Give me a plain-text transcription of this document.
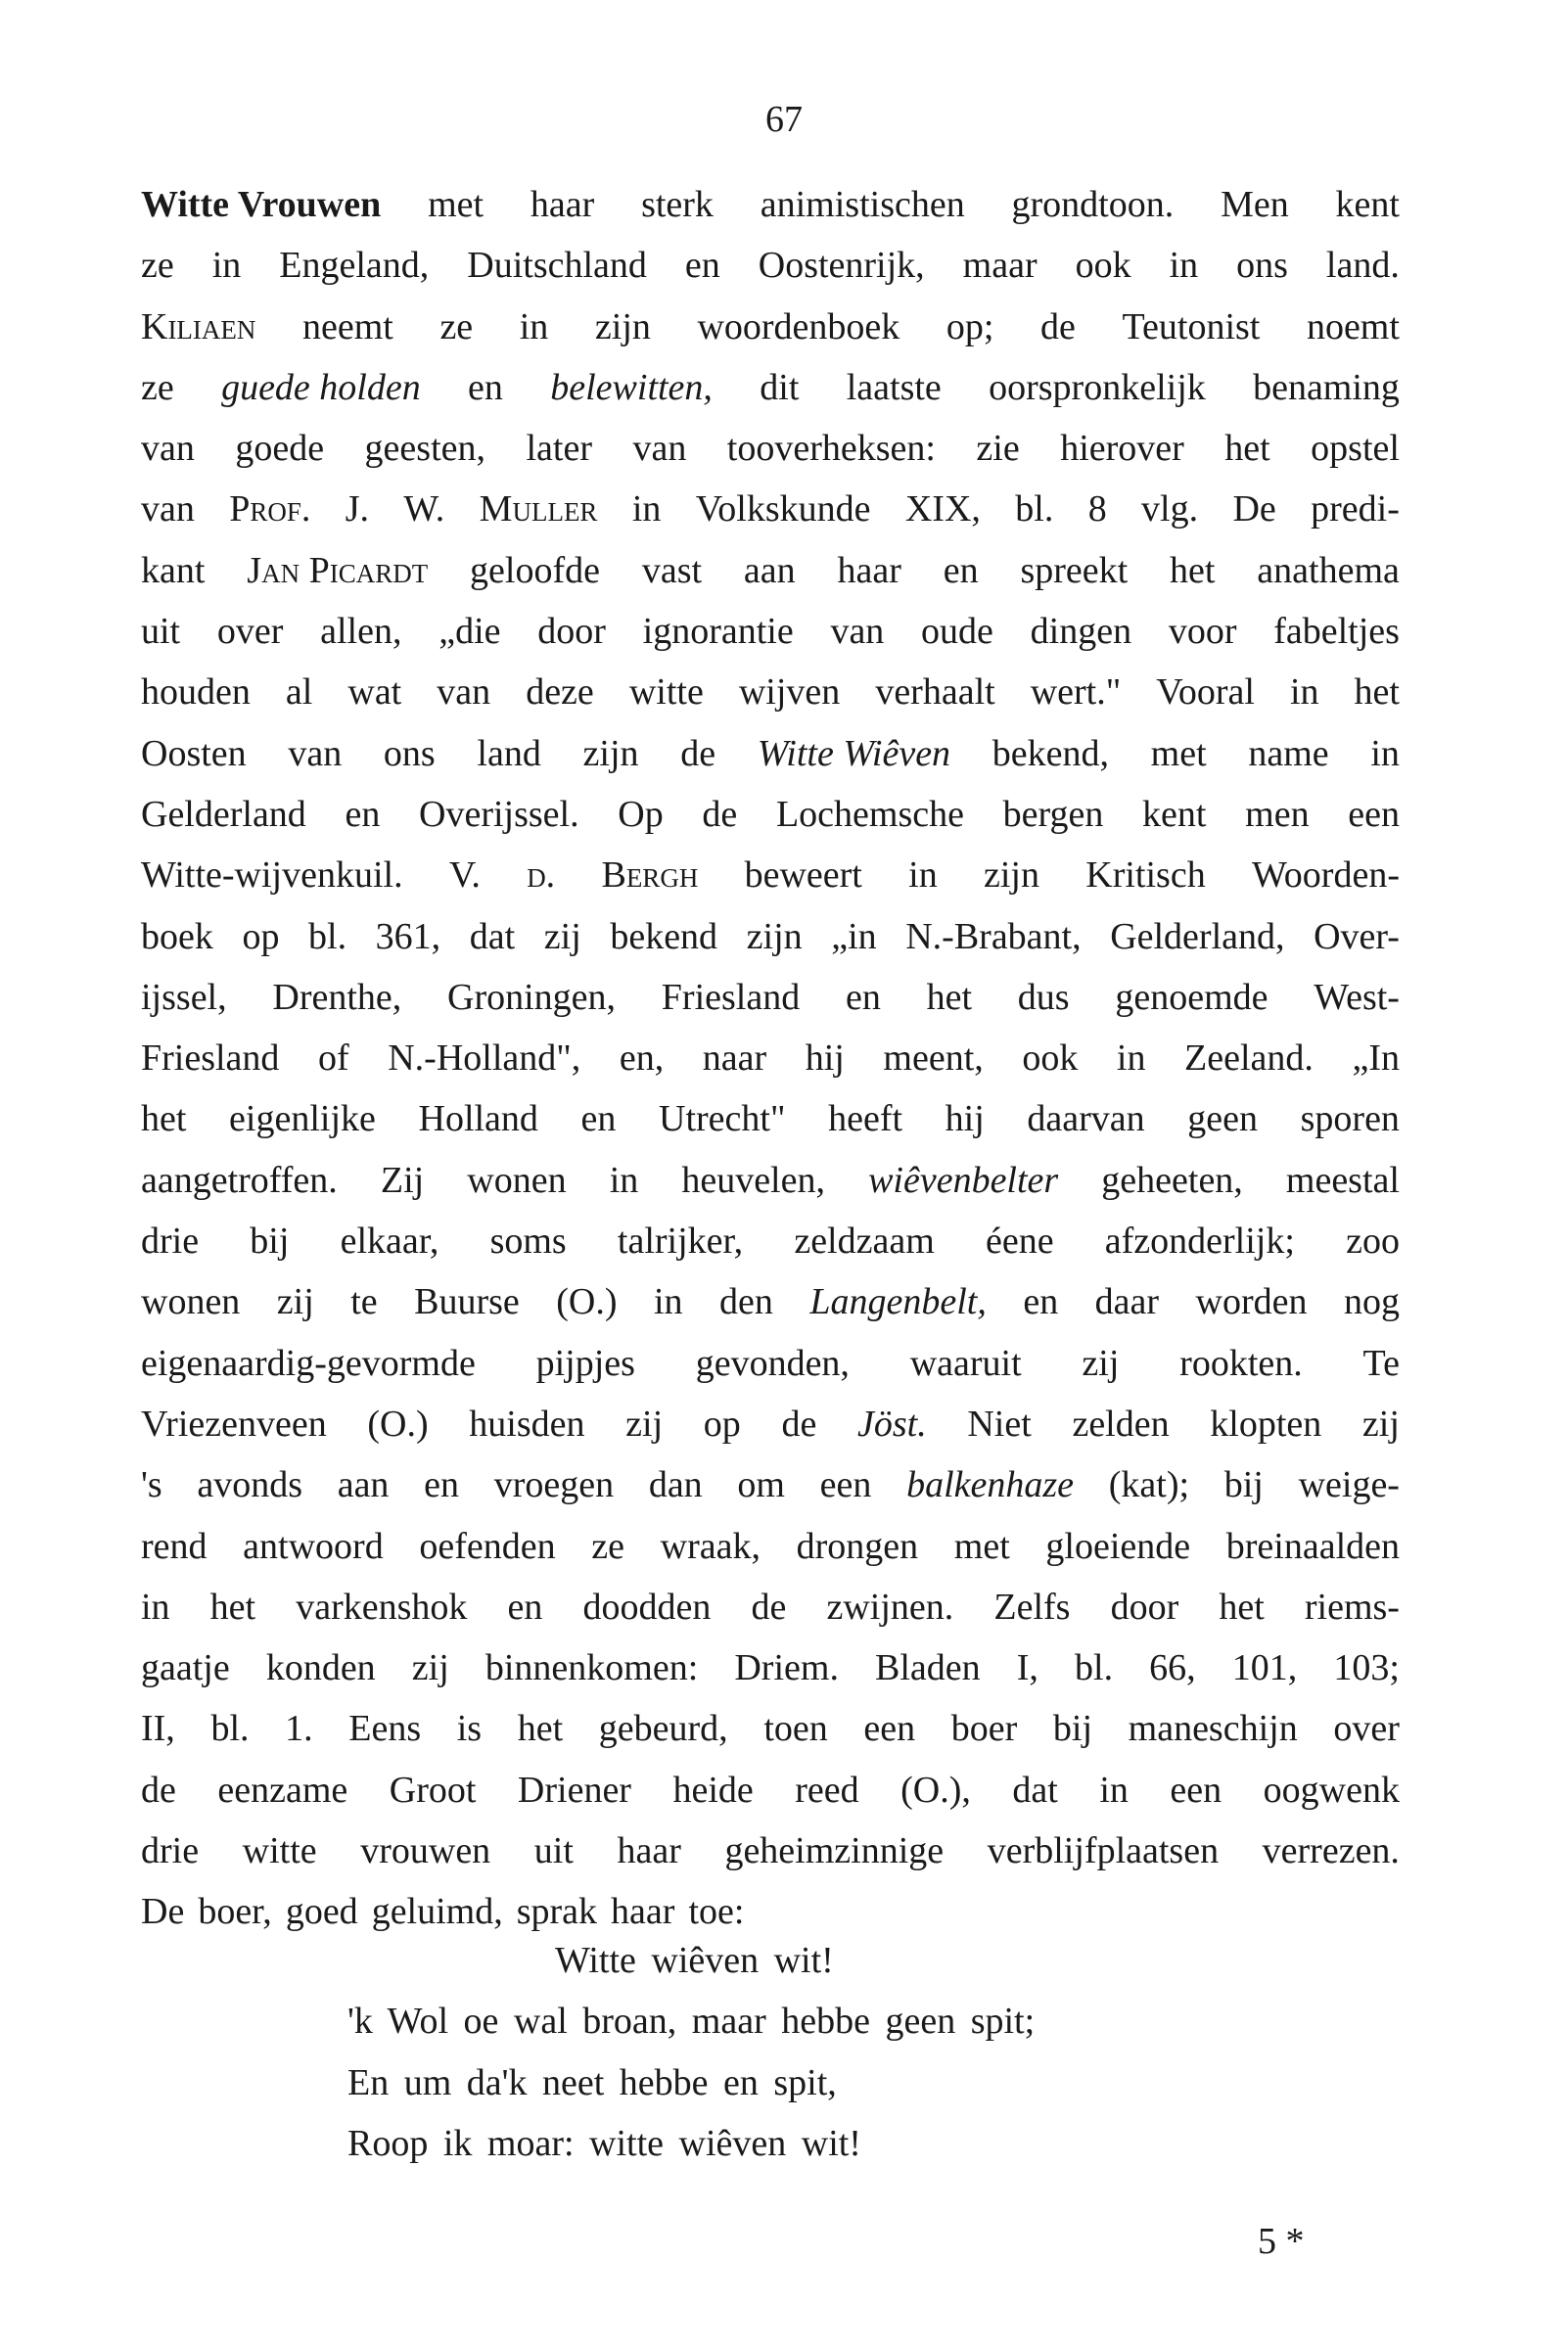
67
Witte Vrouwen met haar sterk animistischen grondtoon. Men kent
ze in Engeland, Duitschland en Oostenrijk, maar ook in ons land.
Kiliaen neemt ze in zijn woordenboek op; de Teutonist noemt
ze guede holden en belewitten, dit laatste oorspronkelijk benaming
van goede geesten, later van tooverheksen: zie hierover het opstel
van Prof. J. W. Muller in Volkskunde XIX, bl. 8 vlg. De predi-
kant Jan Picardt geloofde vast aan haar en spreekt het anathema
uit over allen, „die door ignorantie van oude dingen voor fabeltjes
houden al wat van deze witte wijven verhaalt wert." Vooral in het
Oosten van ons land zijn de Witte Wiêven bekend, met name in
Gelderland en Overijssel. Op de Lochemsche bergen kent men een
Witte-wijvenkuil. V. d. Bergh beweert in zijn Kritisch Woorden-
boek op bl. 361, dat zij bekend zijn „in N.-Brabant, Gelderland, Over-
ijssel, Drenthe, Groningen, Friesland en het dus genoemde West-
Friesland of N.-Holland", en, naar hij meent, ook in Zeeland. „In
het eigenlijke Holland en Utrecht" heeft hij daarvan geen sporen
aangetroffen. Zij wonen in heuvelen, wiêvenbelter geheeten, meestal
drie bij elkaar, soms talrijker, zeldzaam éene afzonderlijk; zoo
wonen zij te Buurse (O.) in den Langenbelt, en daar worden nog
eigenaardig-gevormde pijpjes gevonden, waaruit zij rookten. Te
Vriezenveen (O.) huisden zij op de Jöst. Niet zelden klopten zij
's avonds aan en vroegen dan om een balkenhaze (kat); bij weige-
rend antwoord oefenden ze wraak, drongen met gloeiende breinaalden
in het varkenshok en doodden de zwijnen. Zelfs door het riems-
gaatje konden zij binnenkomen: Driem. Bladen I, bl. 66, 101, 103;
II, bl. 1. Eens is het gebeurd, toen een boer bij maneschijn over
de eenzame Groot Driener heide reed (O.), dat in een oogwenk
drie witte vrouwen uit haar geheimzinnige verblijfplaatsen verrezen.
De boer, goed geluimd, sprak haar toe:
Witte wiêven wit!
'k Wol oe wal broan, maar hebbe geen spit;
En um da'k neet hebbe en spit,
Roop ik moar: witte wiêven wit!
5 *
